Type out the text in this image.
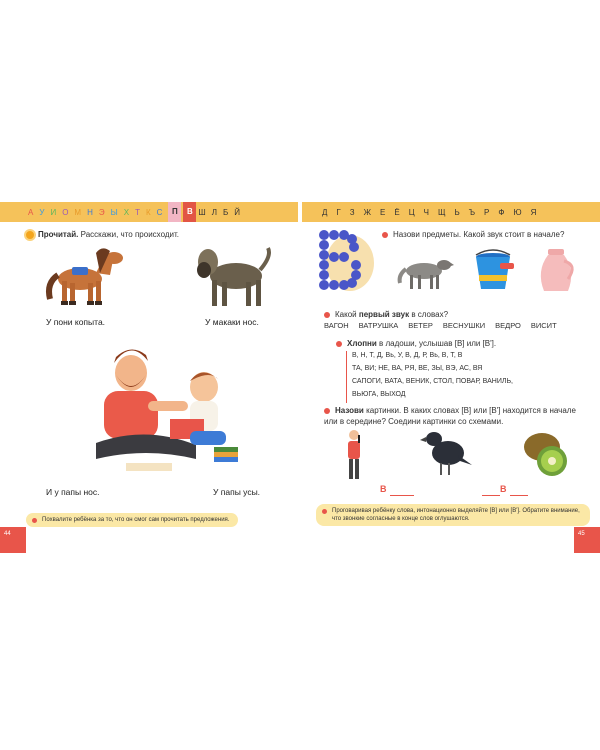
А У И О М Н Э Ы Х Т К С	П	В Ш Л Б Й
Прочитай. Расскажи, что происходит.
У пони копыта.	У макаки нос.
И у папы нос.	У папы усы.
Похвалите ребёнка за то, что он смог сам прочитать предложения.
44
Д Г З Ж Е Ё Ц Ч Щ Ь Ъ Р Ф Ю Я
Назови предметы. Какой звук стоит в начале?
Какой первый звук в словах?
ВАГОН ВАТРУШКА ВЕТЕР ВЕСНУШКИ ВЕДРО ВИСИТ
Хлопни в ладоши, услышав [В] или [В'].
В, Н, Т, Д, Вь, У, В, Д, Р, Вь, В, Т, В
ТА, ВИ; НЕ, ВА, РЯ, ВЕ, ЗЫ, ВЭ, АС, ВЯ
САПОГИ, ВАТА, ВЕНИК, СТОЛ, ПОВАР, ВАНИЛЬ,
ВЬЮГА, ВЫХОД
Назови картинки. В каких словах [В] или [В'] находится в начале или в середине? Соедини картинки со схемами.
В	В
Проговаривая ребёнку слова, интонационно выделяйте [В] или [В']. Обратите внимание, что звонкие согласные в конце слов оглушаются.
45
